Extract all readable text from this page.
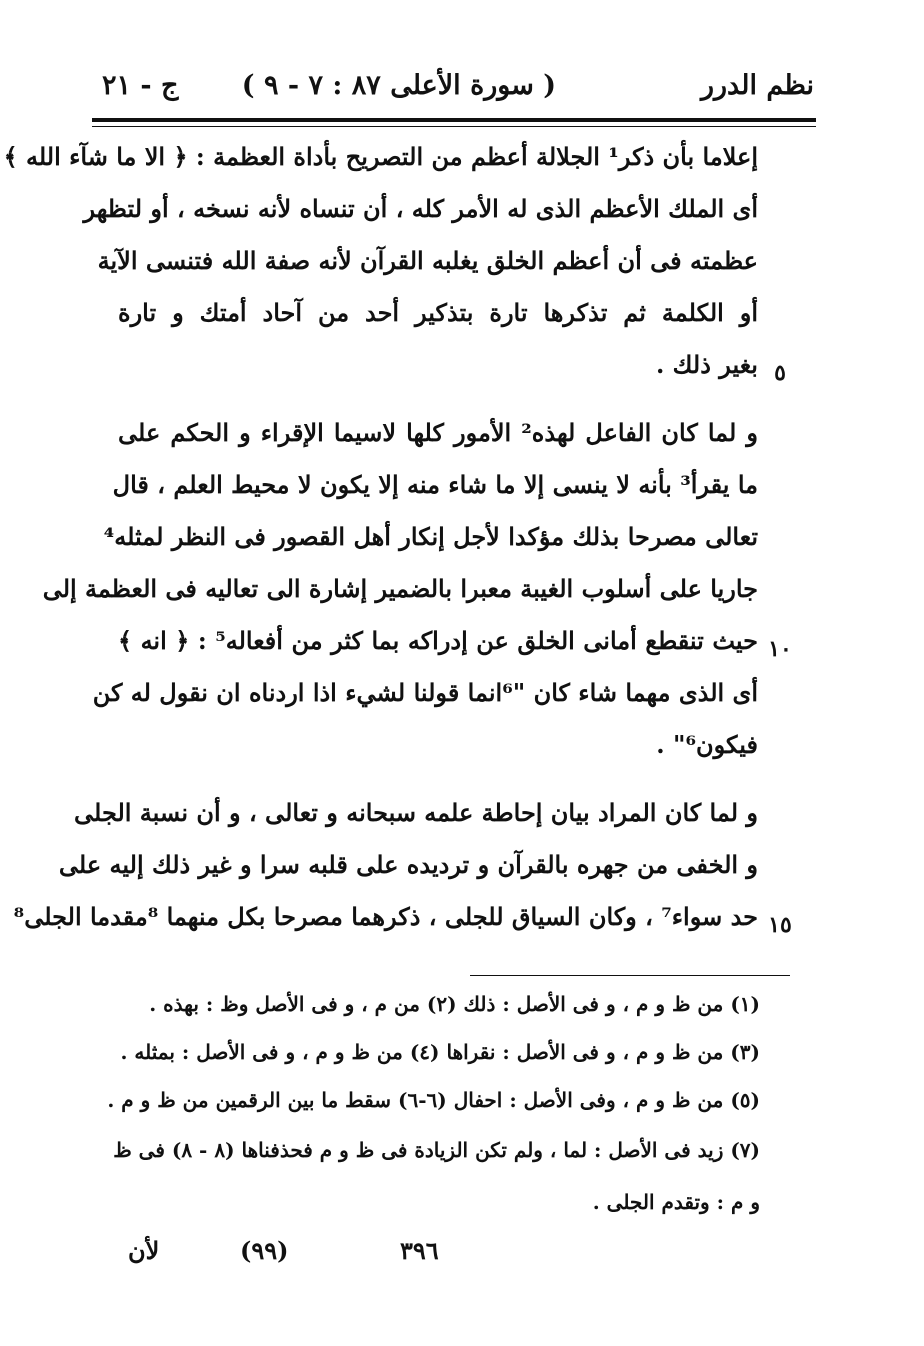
نظم الدرر
( سورة الأعلى ٨٧ : ٧ - ٩ )
ج - ٢١
إعلاما بأن ذكر¹ الجلالة أعظم من التصريح بأداة العظمة : ﴿ الا ما شآء الله ﴾
أى الملك الأعظم الذى له الأمر كله ، أن تنساه لأنه نسخه ، أو لتظهر
عظمته فى أن أعظم الخلق يغلبه القرآن لأنه صفة الله فتنسى الآية
أو الكلمة ثم تذكرها تارة بتذكير أحد من آحاد أمتك و تارة
بغير ذلك . ٥
و لما كان الفاعل لهذه² الأمور كلها لاسيما الإقراء و الحكم على
ما يقرأ³ بأنه لا ينسى إلا ما شاء منه إلا يكون لا محيط العلم ، قال
تعالى مصرحا بذلك مؤكدا لأجل إنكار أهل القصور فى النظر لمثله⁴
جاريا على أسلوب الغيبة معبرا بالضمير إشارة الى تعاليه فى العظمة إلى
حيث تنقطع أمانى الخلق عن إدراكه بما كثر من أفعاله⁵ : ﴿ انه ﴾ ١٠
أى الذى مهما شاء كان "⁶انما قولنا لشيء اذا اردناه ان نقول له كن
فيكون⁶" .
و لما كان المراد بيان إحاطة علمه سبحانه و تعالى ، و أن نسبة الجلى
و الخفى من جهره بالقرآن و ترديده على قلبه سرا و غير ذلك إليه على
حد سواء⁷ ، وكان السياق للجلى ، ذكرهما مصرحا بكل منهما ⁸مقدما الجلى⁸ ١٥
(١) من ظ و م ، و فى الأصل : ذلك (٢) من م ، و فى الأصل وظ : بهذه .
(٣) من ظ و م ، و فى الأصل : نقراها (٤) من ظ و م ، و فى الأصل : بمثله .
(٥) من ظ و م ، وفى الأصل : احفال (٦-٦) سقط ما بين الرقمين من ظ و م .
(٧) زيد فى الأصل : لما ، ولم تكن الزيادة فى ظ و م فحذفناها (٨ - ٨) فى ظ
و م : وتقدم الجلى .
٣٩٦
(٩٩)
لأن
